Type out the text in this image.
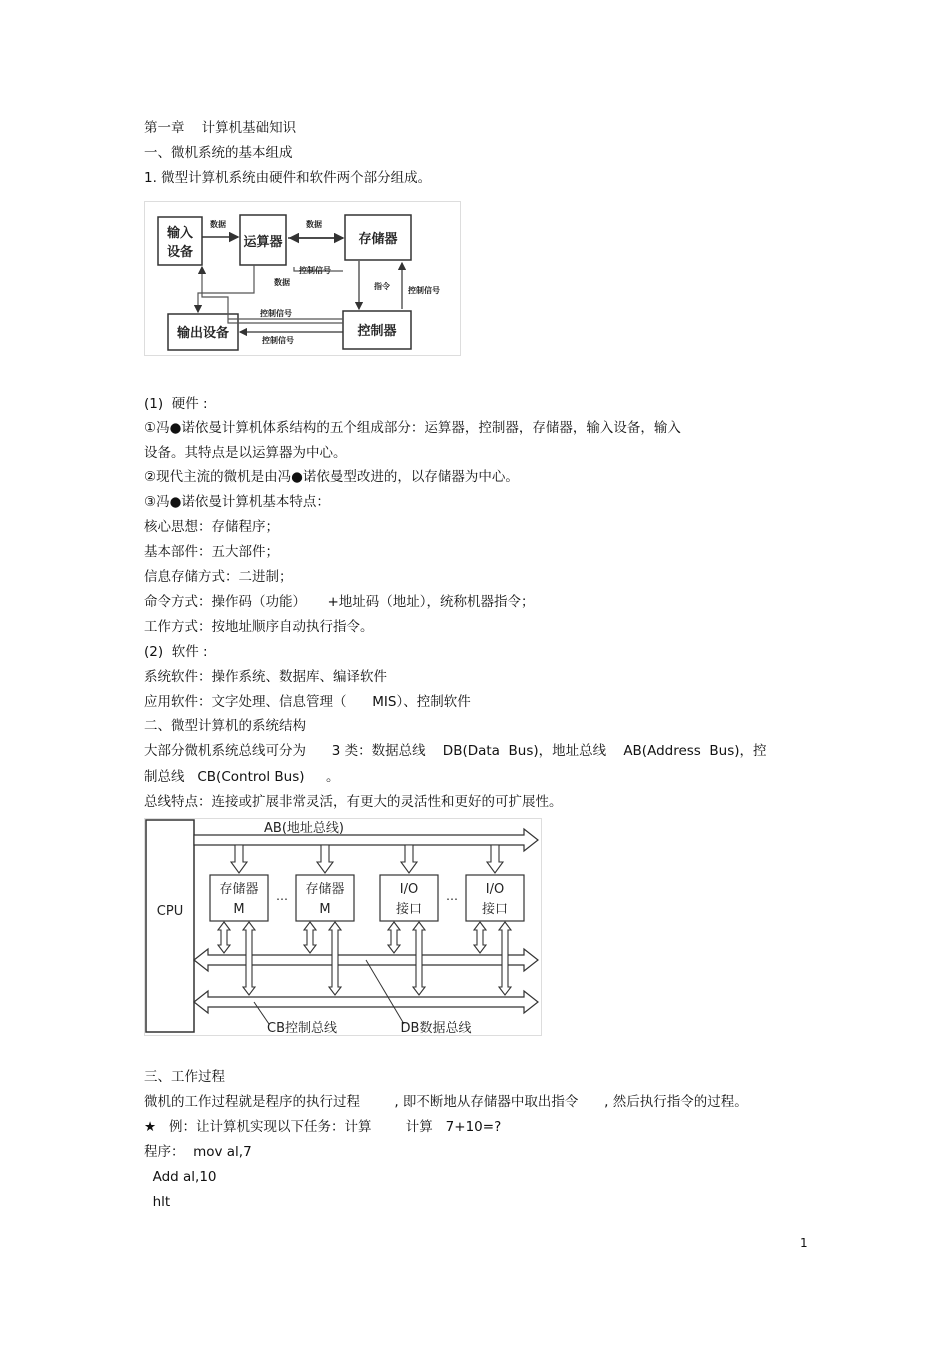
第一章    计算机基础知识
一、微机系统的基本组成
1. 微型计算机系统由硬件和软件两个部分组成。
输入
设备
运算器	存储器
输出设备	控制器
数据	数据
数据
控制信号
指令 控制信号
控制信号
控制信号
(1)  硬件 :
①冯●诺依曼计算机体系结构的五个组成部分：运算器，控制器，存储器，输入设备，输入
设备。其特点是以运算器为中心。
②现代主流的微机是由冯●诺依曼型改进的，以存储器为中心。
③冯●诺依曼计算机基本特点：
核心思想：存储程序；
基本部件：五大部件；
信息存储方式：二进制；
命令方式：操作码（功能）     +地址码（地址），统称机器指令；
工作方式：按地址顺序自动执行指令。
(2)  软件 :
系统软件：操作系统、数据库、编译软件
应用软件：文字处理、信息管理（      MIS）、控制软件
二、微型计算机的系统结构
大部分微机系统总线可分为      3 类：数据总线    DB(Data  Bus)，地址总线    AB(Address  Bus)，控
制总线   CB(Control Bus)     。
总线特点：连接或扩展非常灵活，有更大的灵活性和更好的可扩展性。
CPU
AB(地址总线)
存储器
M
存储器
M
I/O
接口
I/O
接口
…	…
CB控制总线	DB数据总线
三、工作过程
微机的工作过程就是程序的执行过程        , 即不断地从存储器中取出指令      , 然后执行指令的过程。
★   例：让计算机实现以下任务：计算        计算   7+10=?
程序：  mov al,7
Add al,10
hlt
1
